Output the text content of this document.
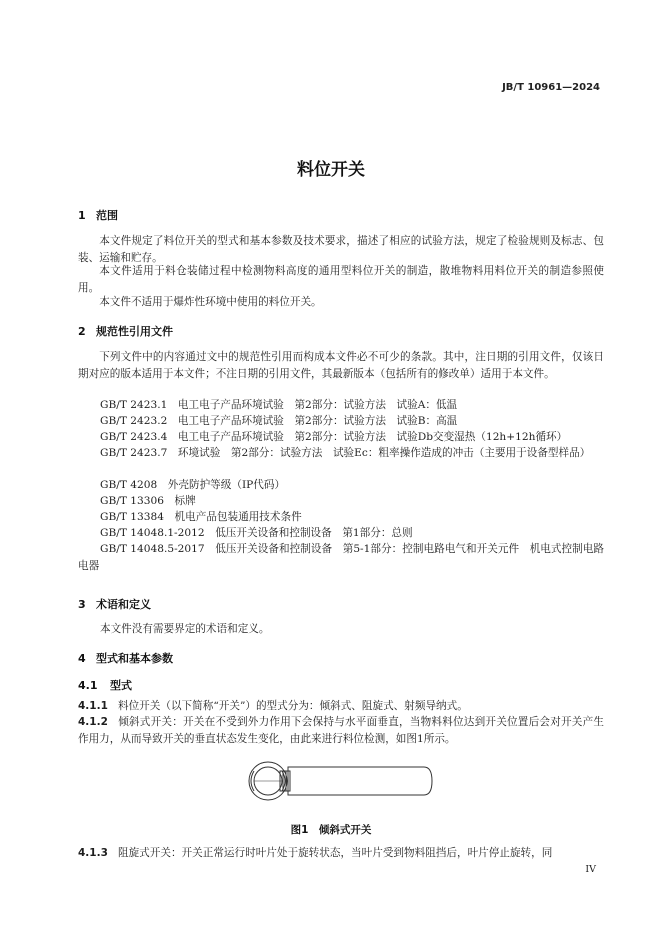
JB/T 10961—2024
料位开关
1 范围
本文件规定了料位开关的型式和基本参数及技术要求，描述了相应的试验方法，规定了检验规则及标志、包装、运输和贮存。
本文件适用于料仓装储过程中检测物料高度的通用型料位开关的制造，散堆物料用料位开关的制造参照使用。
本文件不适用于爆炸性环境中使用的料位开关。
2 规范性引用文件
下列文件中的内容通过文中的规范性引用而构成本文件必不可少的条款。其中，注日期的引用文件，仅该日期对应的版本适用于本文件；不注日期的引用文件，其最新版本（包括所有的修改单）适用于本文件。
GB/T 2423.1　电工电子产品环境试验　第2部分：试验方法　试验A：低温
GB/T 2423.2　电工电子产品环境试验　第2部分：试验方法　试验B：高温
GB/T 2423.4　电工电子产品环境试验　第2部分：试验方法　试验Db交变湿热（12h+12h循环）
GB/T 2423.7　环境试验　第2部分：试验方法　试验Ec：粗率操作造成的冲击（主要用于设备型样品）
GB/T 4208　外壳防护等级（IP代码）
GB/T 13306　标牌
GB/T 13384　机电产品包装通用技术条件
GB/T 14048.1-2012　低压开关设备和控制设备　第1部分：总则
GB/T 14048.5-2017　低压开关设备和控制设备　第5-1部分：控制电路电气和开关元件　机电式控制电路电器
3 术语和定义
本文件没有需要界定的术语和定义。
4 型式和基本参数
4.1 型式
4.1.1 料位开关（以下简称“开关”）的型式分为：倾斜式、阻旋式、射频导纳式。
4.1.2 倾斜式开关：开关在不受到外力作用下会保持与水平面垂直，当物料料位达到开关位置后会对开关产生作用力，从而导致开关的垂直状态发生变化，由此来进行料位检测，如图1所示。
图1　倾斜式开关
4.1.3 阻旋式开关：开关正常运行时叶片处于旋转状态，当叶片受到物料阻挡后，叶片停止旋转，同
IV
